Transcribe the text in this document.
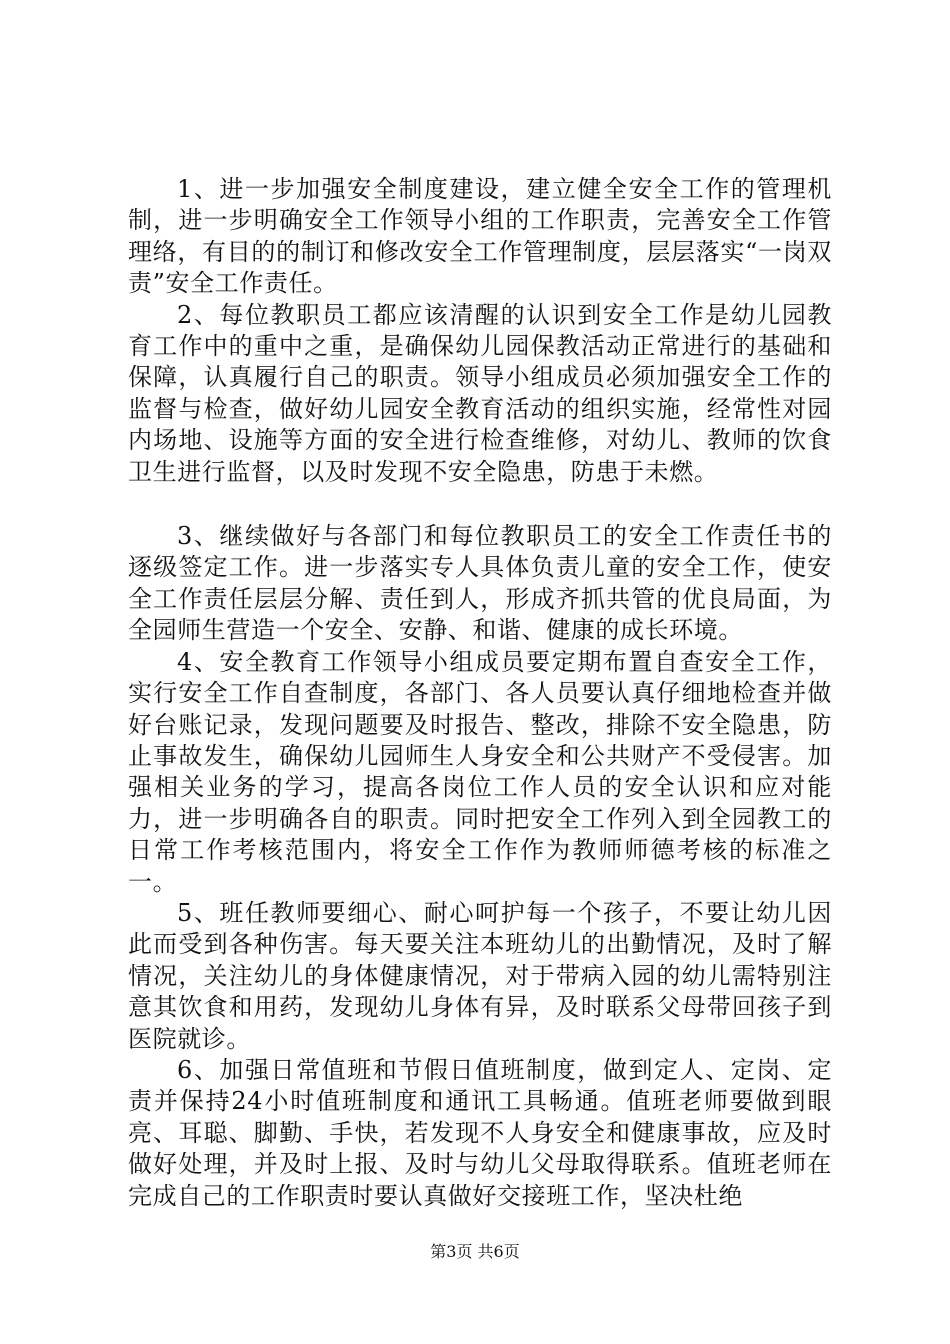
1、进一步加强安全制度建设，建立健全安全工作的管理机制，进一步明确安全工作领导小组的工作职责，完善安全工作管理络，有目的的制订和修改安全工作管理制度，层层落实“一岗双责”安全工作责任。

2、每位教职员工都应该清醒的认识到安全工作是幼儿园教育工作中的重中之重，是确保幼儿园保教活动正常进行的基础和保障，认真履行自己的职责。领导小组成员必须加强安全工作的监督与检查，做好幼儿园安全教育活动的组织实施，经常性对园内场地、设施等方面的安全进行检查维修，对幼儿、教师的饮食卫生进行监督，以及时发现不安全隐患，防患于未燃。

3、继续做好与各部门和每位教职员工的安全工作责任书的逐级签定工作。进一步落实专人具体负责儿童的安全工作，使安全工作责任层层分解、责任到人，形成齐抓共管的优良局面，为全园师生营造一个安全、安静、和谐、健康的成长环境。

4、安全教育工作领导小组成员要定期布置自查安全工作，实行安全工作自查制度，各部门、各人员要认真仔细地检查并做好台账记录，发现问题要及时报告、整改，排除不安全隐患，防止事故发生，确保幼儿园师生人身安全和公共财产不受侵害。加强相关业务的学习，提高各岗位工作人员的安全认识和应对能力，进一步明确各自的职责。同时把安全工作列入到全园教工的日常工作考核范围内，将安全工作作为教师师德考核的标准之一。

5、班任教师要细心、耐心呵护每一个孩子，不要让幼儿因此而受到各种伤害。每天要关注本班幼儿的出勤情况，及时了解情况，关注幼儿的身体健康情况，对于带病入园的幼儿需特别注意其饮食和用药，发现幼儿身体有异，及时联系父母带回孩子到医院就诊。

6、加强日常值班和节假日值班制度，做到定人、定岗、定责并保持24小时值班制度和通讯工具畅通。值班老师要做到眼亮、耳聪、脚勤、手快，若发现不人身安全和健康事故，应及时做好处理，并及时上报、及时与幼儿父母取得联系。值班老师在完成自己的工作职责时要认真做好交接班工作，坚决杜绝

第3页 共6页
